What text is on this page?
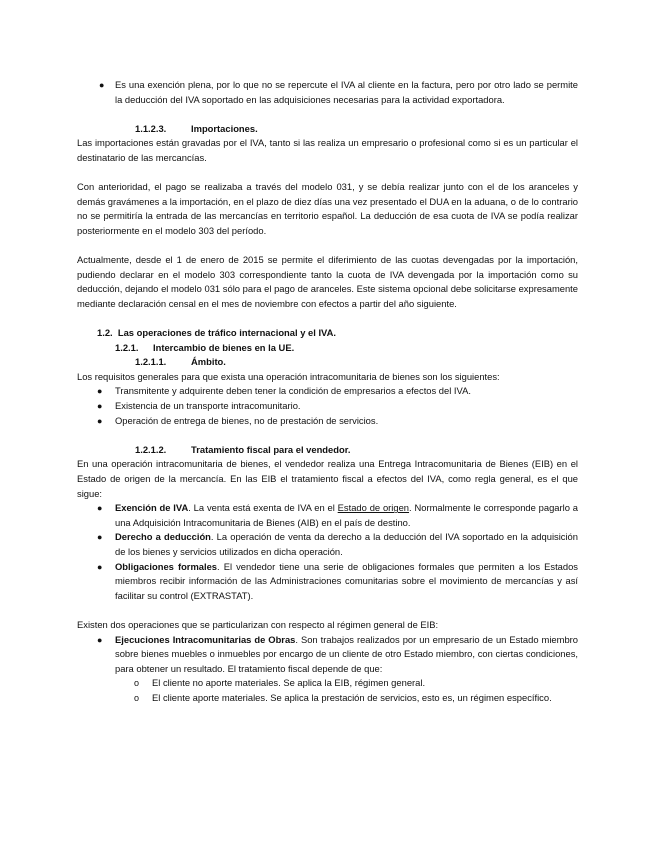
● Es una exención plena, por lo que no se repercute el IVA al cliente en la factura, pero por otro lado se permite la deducción del IVA soportado en las adquisiciones necesarias para la actividad exportadora.
1.1.2.3.	Importaciones.

Las importaciones están gravadas por el IVA, tanto si las realiza un empresario o profesional como si es un particular el destinatario de las mercancías.

Con anterioridad, el pago se realizaba a través del modelo 031, y se debía realizar junto con el de los aranceles y demás gravámenes a la importación, en el plazo de diez días una vez presentado el DUA en la aduana, o de lo contrario no se permitiría la entrada de las mercancías en territorio español. La deducción de esa cuota de IVA se podía realizar posteriormente en el modelo 303 del período.

Actualmente, desde el 1 de enero de 2015 se permite el diferimiento de las cuotas devengadas por la importación, pudiendo declarar en el modelo 303 correspondiente tanto la cuota de IVA devengada por la importación como su deducción, dejando el modelo 031 sólo para el pago de aranceles. Este sistema opcional debe solicitarse expresamente mediante declaración censal en el mes de noviembre con efectos a partir del año siguiente.

1.2. Las operaciones de tráfico internacional y el IVA.
1.2.1. Intercambio de bienes en la UE.
1.2.1.1.	Ámbito.

Los requisitos generales para que exista una operación intracomunitaria de bienes son los siguientes:

● Transmitente y adquirente deben tener la condición de empresarios a efectos del IVA.
● Existencia de un transporte intracomunitario.
● Operación de entrega de bienes, no de prestación de servicios.
1.2.1.2.	Tratamiento fiscal para el vendedor.

En una operación intracomunitaria de bienes, el vendedor realiza una Entrega Intracomunitaria de Bienes (EIB) en el Estado de origen de la mercancía. En las EIB el tratamiento fiscal a efectos del IVA, como regla general, es el que sigue:

● Exención de IVA. La venta está exenta de IVA en el Estado de origen. Normalmente le corresponde pagarlo a una Adquisición Intracomunitaria de Bienes (AIB) en el país de destino.
● Derecho a deducción. La operación de venta da derecho a la deducción del IVA soportado en la adquisición de los bienes y servicios utilizados en dicha operación.
● Obligaciones formales. El vendedor tiene una serie de obligaciones formales que permiten a los Estados miembros recibir información de las Administraciones comunitarias sobre el movimiento de mercancías y así facilitar su control (EXTRASTAT).

Existen dos operaciones que se particularizan con respecto al régimen general de EIB:

● Ejecuciones Intracomunitarias de Obras. Son trabajos realizados por un empresario de un Estado miembro sobre bienes muebles o inmuebles por encargo de un cliente de otro Estado miembro, con ciertas condiciones, para obtener un resultado. El tratamiento fiscal depende de que:
o El cliente no aporte materiales. Se aplica la EIB, régimen general.
o El cliente aporte materiales. Se aplica la prestación de servicios, esto es, un régimen específico.
